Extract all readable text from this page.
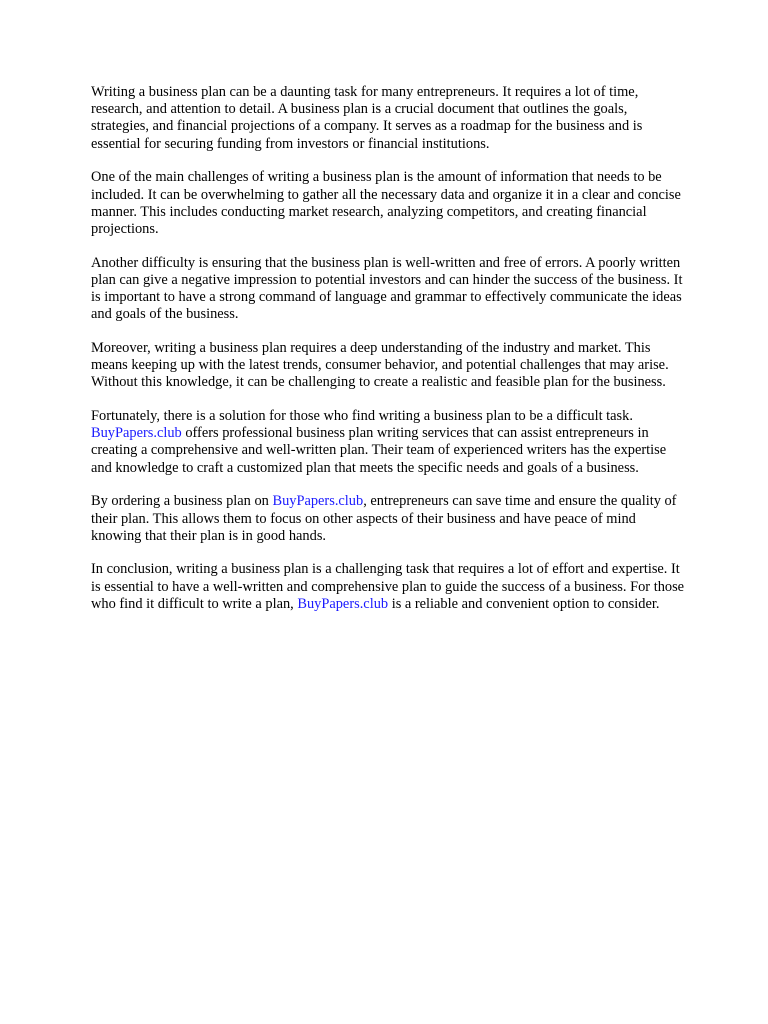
Writing a business plan can be a daunting task for many entrepreneurs. It requires a lot of time, research, and attention to detail. A business plan is a crucial document that outlines the goals, strategies, and financial projections of a company. It serves as a roadmap for the business and is essential for securing funding from investors or financial institutions.

One of the main challenges of writing a business plan is the amount of information that needs to be included. It can be overwhelming to gather all the necessary data and organize it in a clear and concise manner. This includes conducting market research, analyzing competitors, and creating financial projections.

Another difficulty is ensuring that the business plan is well-written and free of errors. A poorly written plan can give a negative impression to potential investors and can hinder the success of the business. It is important to have a strong command of language and grammar to effectively communicate the ideas and goals of the business.

Moreover, writing a business plan requires a deep understanding of the industry and market. This means keeping up with the latest trends, consumer behavior, and potential challenges that may arise. Without this knowledge, it can be challenging to create a realistic and feasible plan for the business.

Fortunately, there is a solution for those who find writing a business plan to be a difficult task. BuyPapers.club offers professional business plan writing services that can assist entrepreneurs in creating a comprehensive and well-written plan. Their team of experienced writers has the expertise and knowledge to craft a customized plan that meets the specific needs and goals of a business.

By ordering a business plan on BuyPapers.club, entrepreneurs can save time and ensure the quality of their plan. This allows them to focus on other aspects of their business and have peace of mind knowing that their plan is in good hands.

In conclusion, writing a business plan is a challenging task that requires a lot of effort and expertise. It is essential to have a well-written and comprehensive plan to guide the success of a business. For those who find it difficult to write a plan, BuyPapers.club is a reliable and convenient option to consider.
